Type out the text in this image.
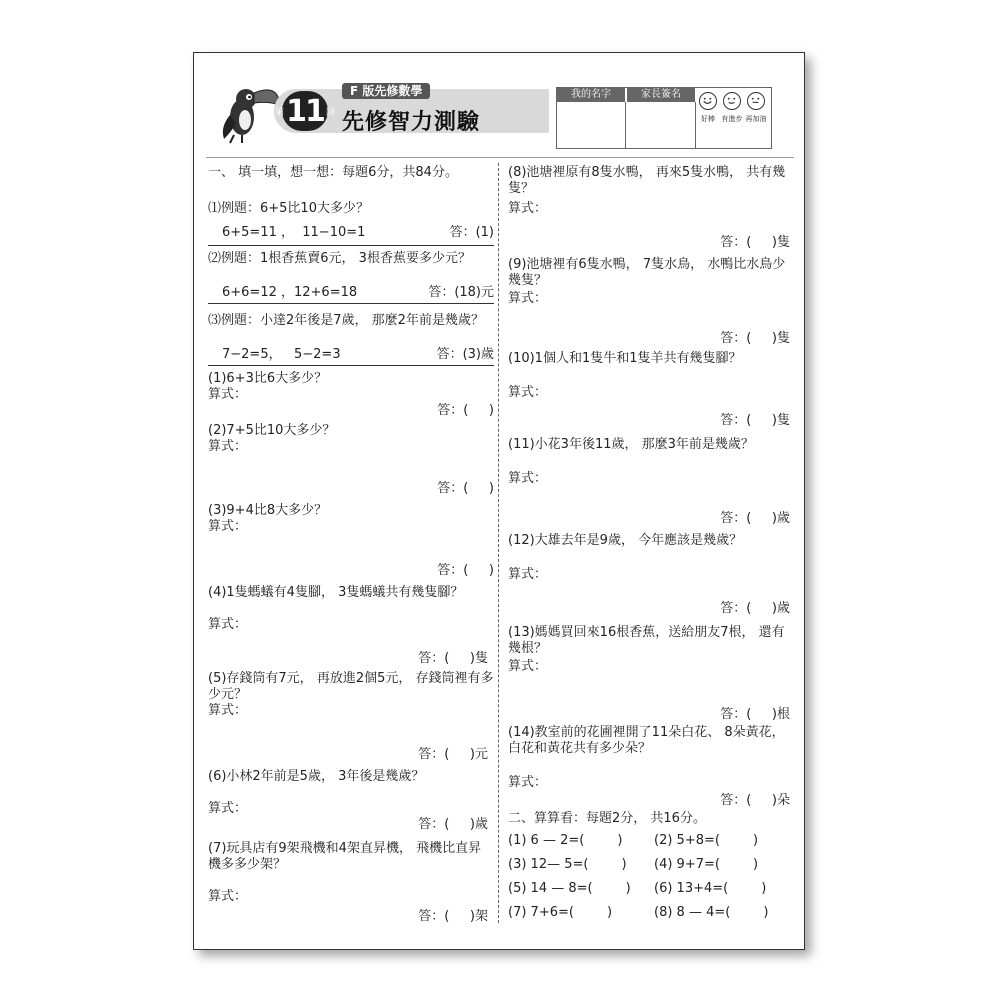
第 11 回
F 版先修數學
先修智力測驗
我的名字	家長簽名
好棒 有進步 再加油
一、 填一填，想一想：每題6分，共84分。
⑴例題：6+5比10大多少？
6+5=11 ，  11−10=1	答：(1)
⑵例題：1根香蕉賣6元， 3根香蕉要多少元？
6+6=12 ，12+6=18	答：(18)元
⑶例題：小達2年後是7歲， 那麼2年前是幾歲？
7−2=5，   5−2=3	答：(3)歲
(1)6+3比6大多少？
算式：
答：(     )
(2)7+5比10大多少？
算式：
答：(     )
(3)9+4比8大多少？
算式：
答：(     )
(4)1隻螞蟻有4隻腳， 3隻螞蟻共有幾隻腳？
算式：
答：(     )隻
(5)存錢筒有7元， 再放進2個5元， 存錢筒裡有多少元？
算式：
答：(     )元
(6)小林2年前是5歲， 3年後是幾歲？
算式：
答：(     )歲
(7)玩具店有9架飛機和4架直昇機， 飛機比直昇機多多少架？
算式：
答：(     )架
(8)池塘裡原有8隻水鴨， 再來5隻水鴨， 共有幾隻？
算式：
答：(     )隻
(9)池塘裡有6隻水鴨， 7隻水鳥， 水鴨比水鳥少幾隻？
算式：
答：(     )隻
(10)1個人和1隻牛和1隻羊共有幾隻腳？
算式：
答：(     )隻
(11)小花3年後11歲， 那麼3年前是幾歲？
算式：
答：(     )歲
(12)大雄去年是9歲， 今年應該是幾歲？
算式：
答：(     )歲
(13)媽媽買回來16根香蕉，送給朋友7根， 還有幾根？
算式：
答：(     )根
(14)教室前的花圃裡開了11朵白花、 8朵黃花， 白花和黃花共有多少朵？
算式：
答：(     )朵
二、算算看：每題2分， 共16分。
(1) 6 — 2=(        ) (2) 5+8=(        )
(3) 12— 5=(        ) (4) 9+7=(        )
(5) 14 — 8=(        ) (6) 13+4=(        )
(7) 7+6=(        )	(8) 8 — 4=(        )
